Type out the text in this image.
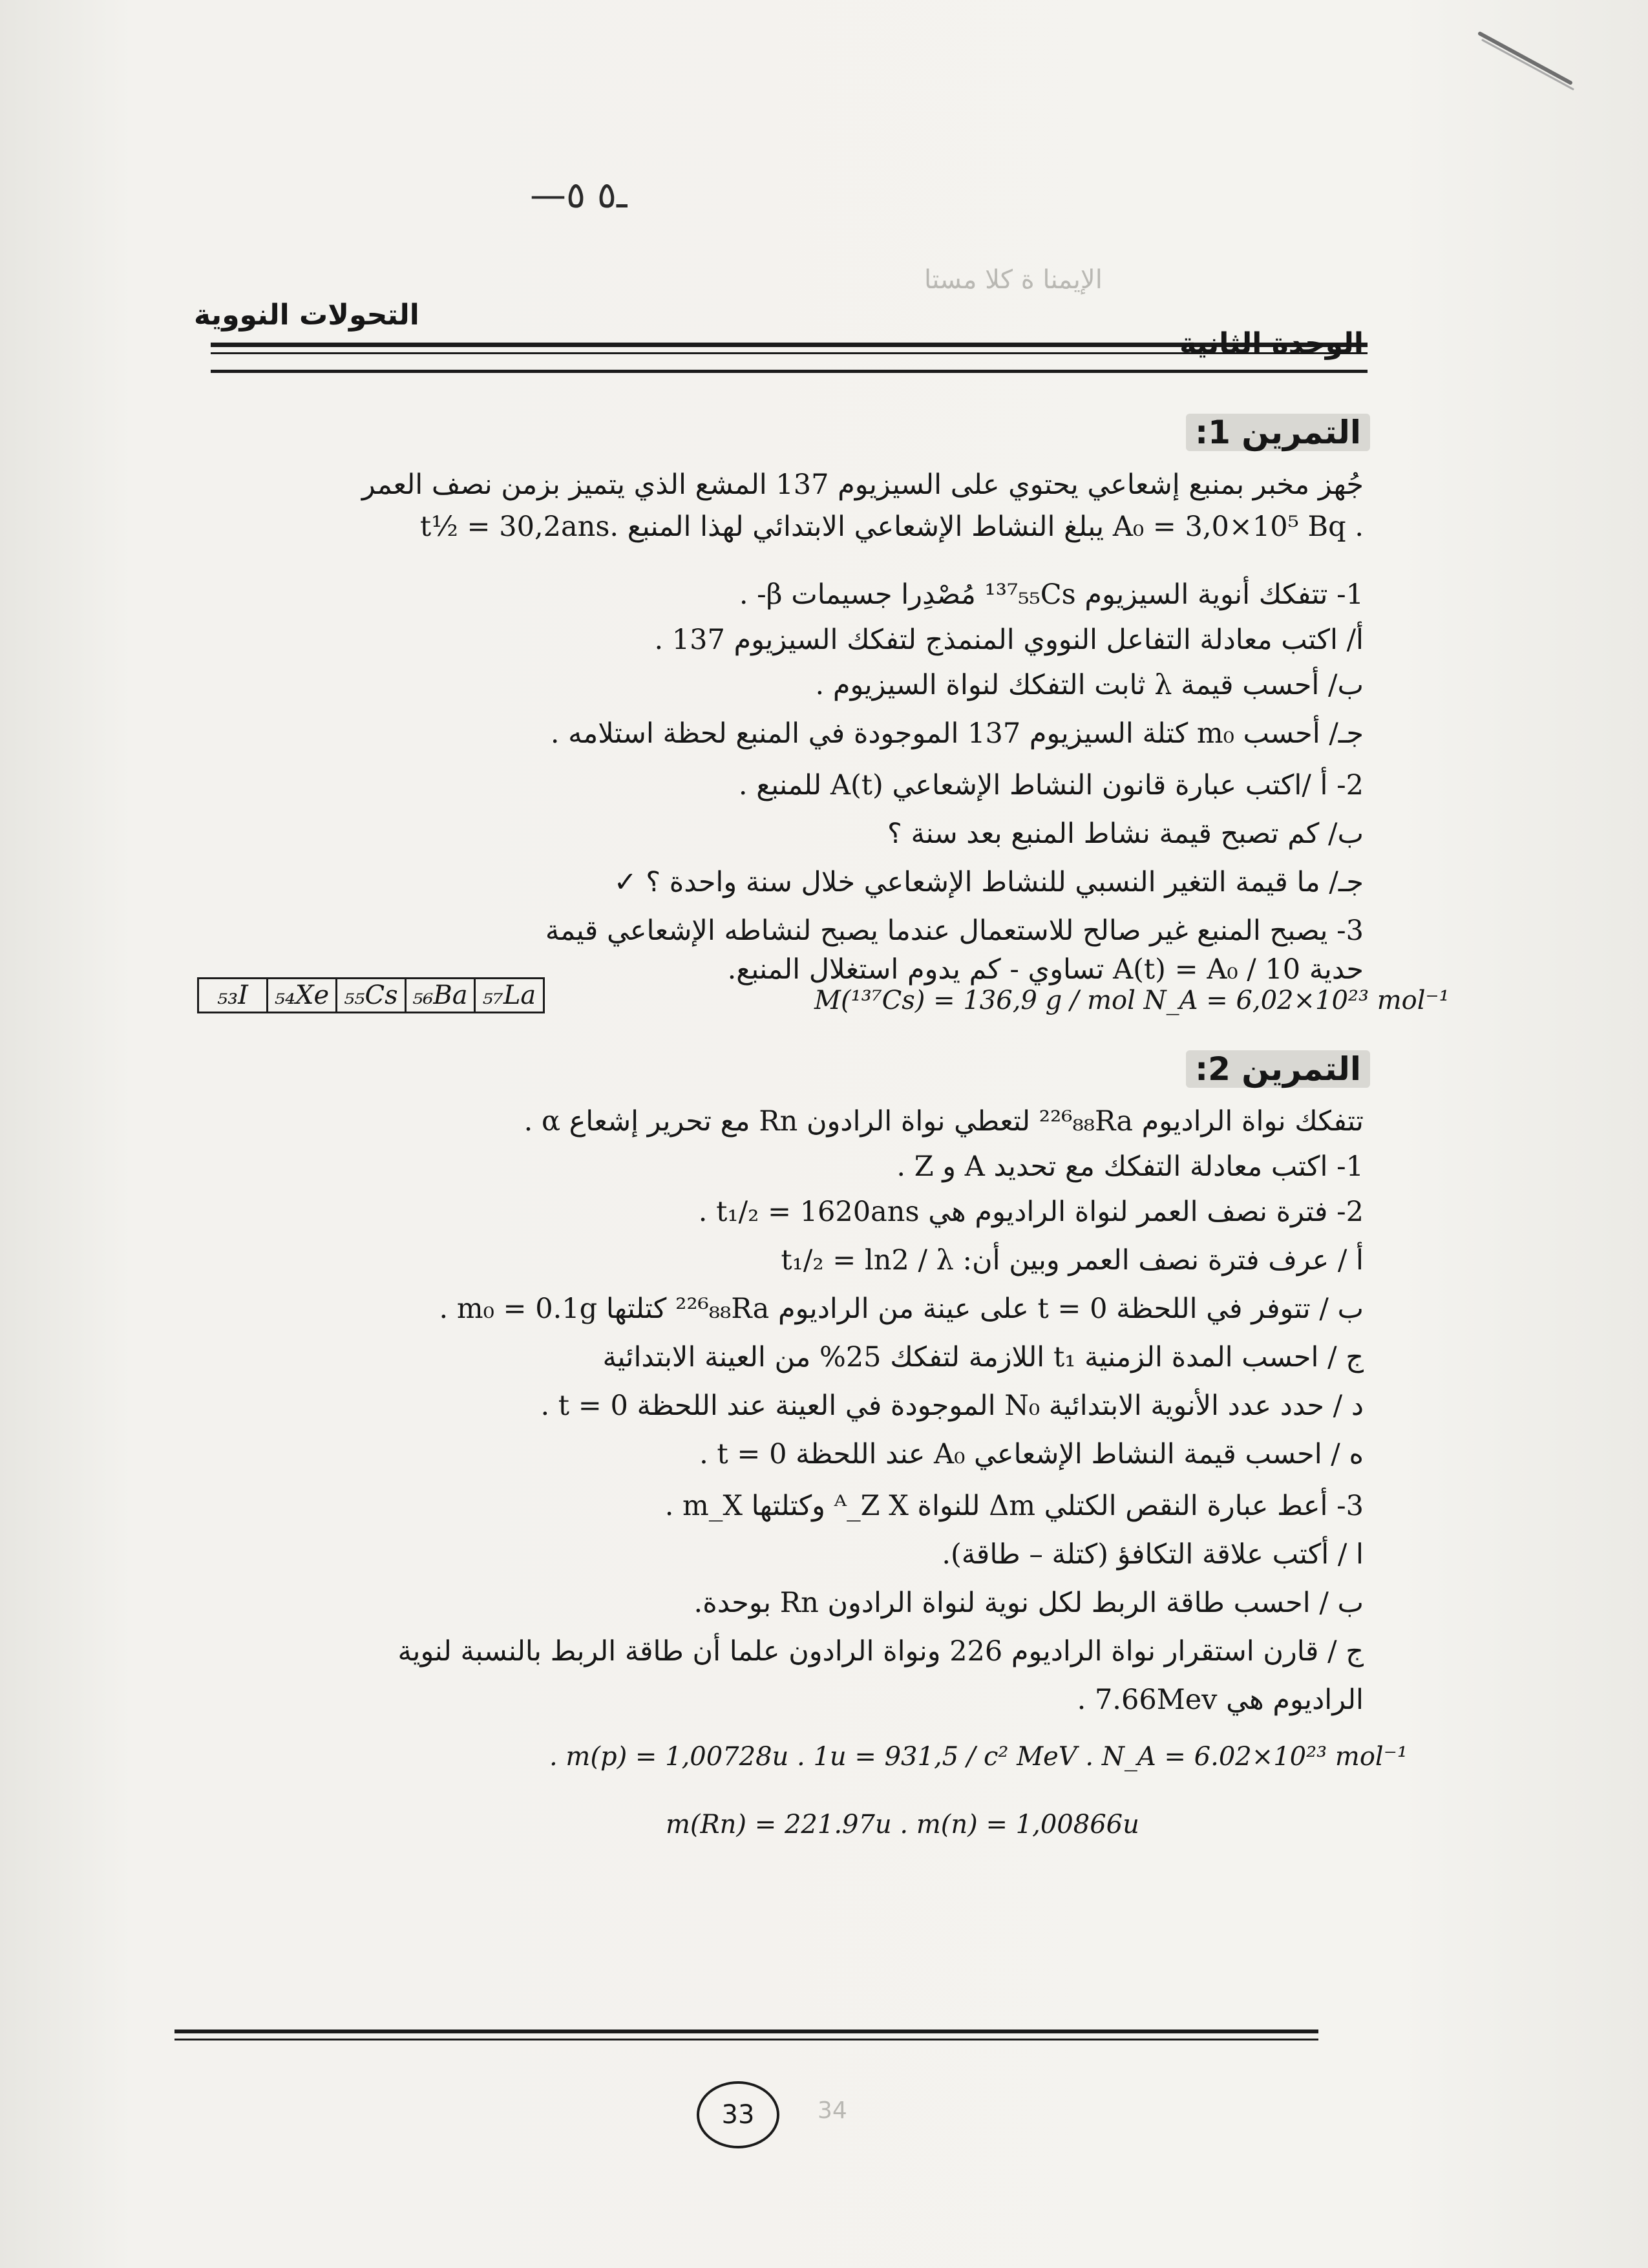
الإيمنا ة كلا مستا
34
—ـ٥ ٥
التحولات النووية
الوحدة الثانية
التمرين 1:
جُهز مخبر بمنبع إشعاعي يحتوي على السيزيوم 137 المشع الذي يتميز بزمن نصف العمر
. A₀ = 3,0×10⁵ Bq يبلغ النشاط الإشعاعي الابتدائي لهذا المنبع .t½ = 30,2ans
1- تتفكك أنوية السيزيوم ¹³⁷₅₅Cs مُصْدِرا جسيمات ‎-β .
أ/ اكتب معادلة التفاعل النووي المنمذج لتفكك السيزيوم 137 .
ب/ أحسب قيمة λ ثابت التفكك لنواة السيزيوم .
جـ/ أحسب m₀ كتلة السيزيوم 137 الموجودة في المنبع لحظة استلامه .
2- أ /اكتب عبارة قانون النشاط الإشعاعي A(t) للمنبع .
ب/ كم تصبح قيمة نشاط المنبع بعد سنة ؟
جـ/ ما قيمة التغير النسبي للنشاط الإشعاعي خلال سنة واحدة ؟ ✓
3- يصبح المنبع غير صالح للاستعمال عندما يصبح لنشاطه الإشعاعي قيمة
حدية A(t) = A₀ / 10 تساوي - كم يدوم استغلال المنبع.
₅₃I	₅₄Xe	₅₅Cs	₅₆Ba	₅₇La	M(¹³⁷Cs) = 136,9 g / mol N_A = 6,02×10²³ mol⁻¹
التمرين 2:
تتفكك نواة الراديوم ²²⁶₈₈Ra لتعطي نواة الرادون Rn مع تحرير إشعاع α .
1- اكتب معادلة التفكك مع تحديد A و Z .
2- فترة نصف العمر لنواة الراديوم هي t₁/₂ = 1620ans .
أ / عرف فترة نصف العمر وبين أن: t₁/₂ = ln2 / λ
ب / تتوفر في اللحظة t = 0 على عينة من الراديوم ²²⁶₈₈Ra كتلتها m₀ = 0.1g .
ج / احسب المدة الزمنية t₁ اللازمة لتفكك 25% من العينة الابتدائية
د / حدد عدد الأنوية الابتدائية N₀ الموجودة في العينة عند اللحظة t = 0 .
ه / احسب قيمة النشاط الإشعاعي A₀ عند اللحظة t = 0 .
3- أعط عبارة النقص الكتلي Δm للنواة ᴬ_Z X وكتلتها m_X .
ا / أكتب علاقة التكافؤ (كتلة – طاقة).
ب / احسب طاقة الربط لكل نوية لنواة الرادون Rn بوحدة.
ج / قارن استقرار نواة الراديوم 226 ونواة الرادون علما أن طاقة الربط بالنسبة لنوية
الراديوم هي 7.66Mev .
. m(p) = 1,00728u . 1u = 931,5 / c² MeV . N_A = 6.02×10²³ mol⁻¹
m(Rn) = 221.97u . m(n) = 1,00866u
33
